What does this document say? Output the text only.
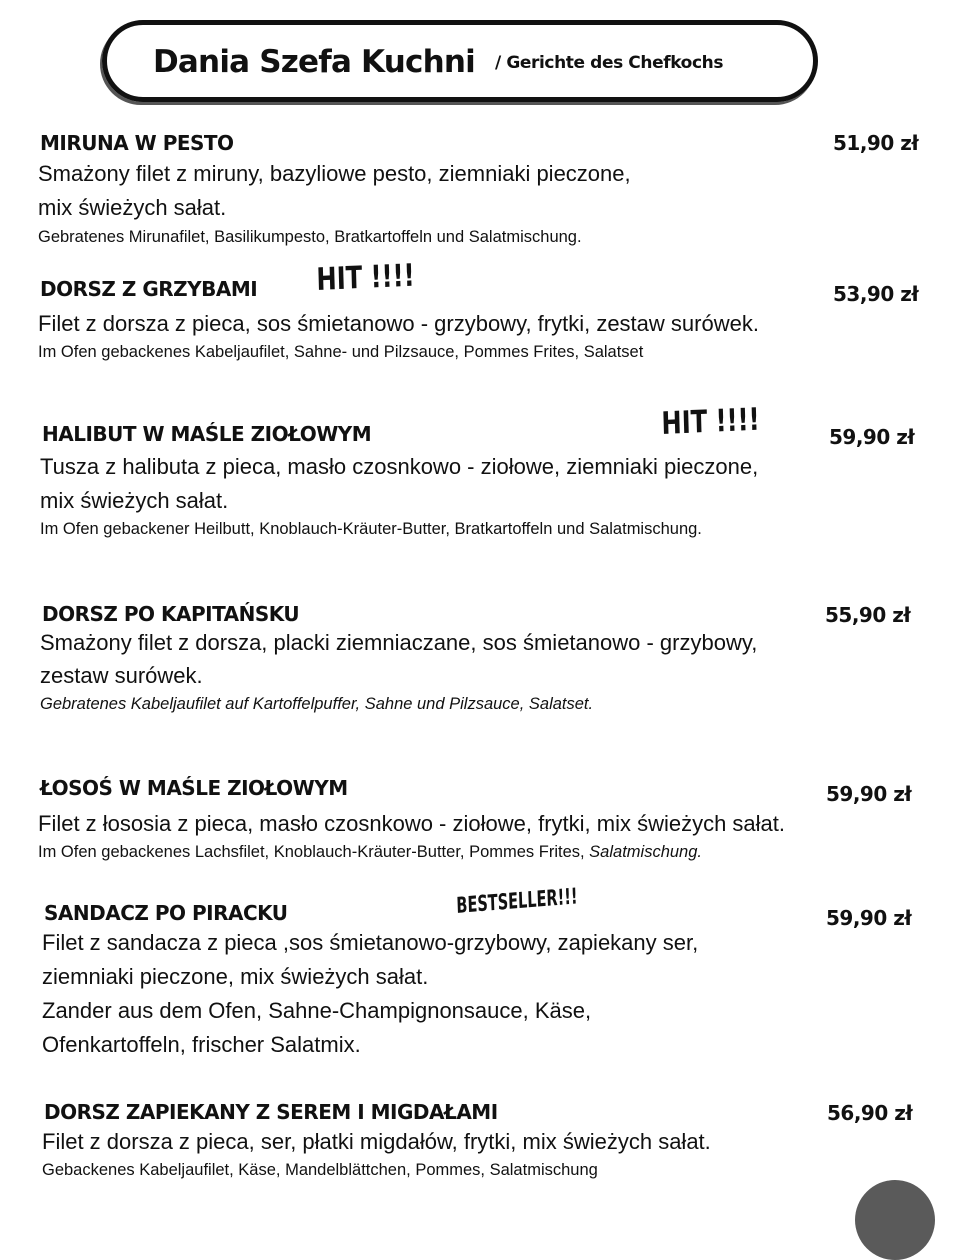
Dania Szefa Kuchni / Gerichte des Chefkochs
MIRUNA W PESTO	51,90 zł
Smażony filet z miruny, bazyliowe pesto, ziemniaki pieczone,
mix świeżych sałat.
Gebratenes Mirunafilet, Basilikumpesto, Bratkartoffeln und Salatmischung.
DORSZ Z GRZYBAMI HIT !!!!	53,90 zł
Filet z dorsza z pieca, sos śmietanowo - grzybowy, frytki, zestaw surówek.
Im Ofen gebackenes Kabeljaufilet, Sahne- und Pilzsauce, Pommes Frites, Salatset
HALIBUT W MAŚLE ZIOŁOWYM	HIT !!!!	59,90 zł
Tusza z halibuta z pieca, masło czosnkowo - ziołowe, ziemniaki pieczone,
mix świeżych sałat.
Im Ofen gebackener Heilbutt, Knoblauch-Kräuter-Butter, Bratkartoffeln und Salatmischung.
DORSZ PO KAPITAŃSKU	55,90 zł
Smażony filet z dorsza, placki ziemniaczane, sos śmietanowo - grzybowy,
zestaw surówek.
Gebratenes Kabeljaufilet auf Kartoffelpuffer, Sahne und Pilzsauce, Salatset.
ŁOSOŚ W MAŚLE ZIOŁOWYM	59,90 zł
Filet z łososia z pieca, masło czosnkowo - ziołowe, frytki, mix świeżych sałat.
Im Ofen gebackenes Lachsfilet, Knoblauch-Kräuter-Butter, Pommes Frites, Salatmischung.
SANDACZ PO PIRACKU	BESTSELLER!!!	59,90 zł
Filet z sandacza z pieca ,sos śmietanowo-grzybowy, zapiekany ser,
ziemniaki pieczone, mix świeżych sałat.
Zander aus dem Ofen, Sahne-Champignonsauce, Käse,
Ofenkartoffeln, frischer Salatmix.
DORSZ ZAPIEKANY Z SEREM I MIGDAŁAMI	56,90 zł
Filet z dorsza z pieca, ser, płatki migdałów, frytki, mix świeżych sałat.
Gebackenes Kabeljaufilet, Käse, Mandelblättchen, Pommes, Salatmischung
